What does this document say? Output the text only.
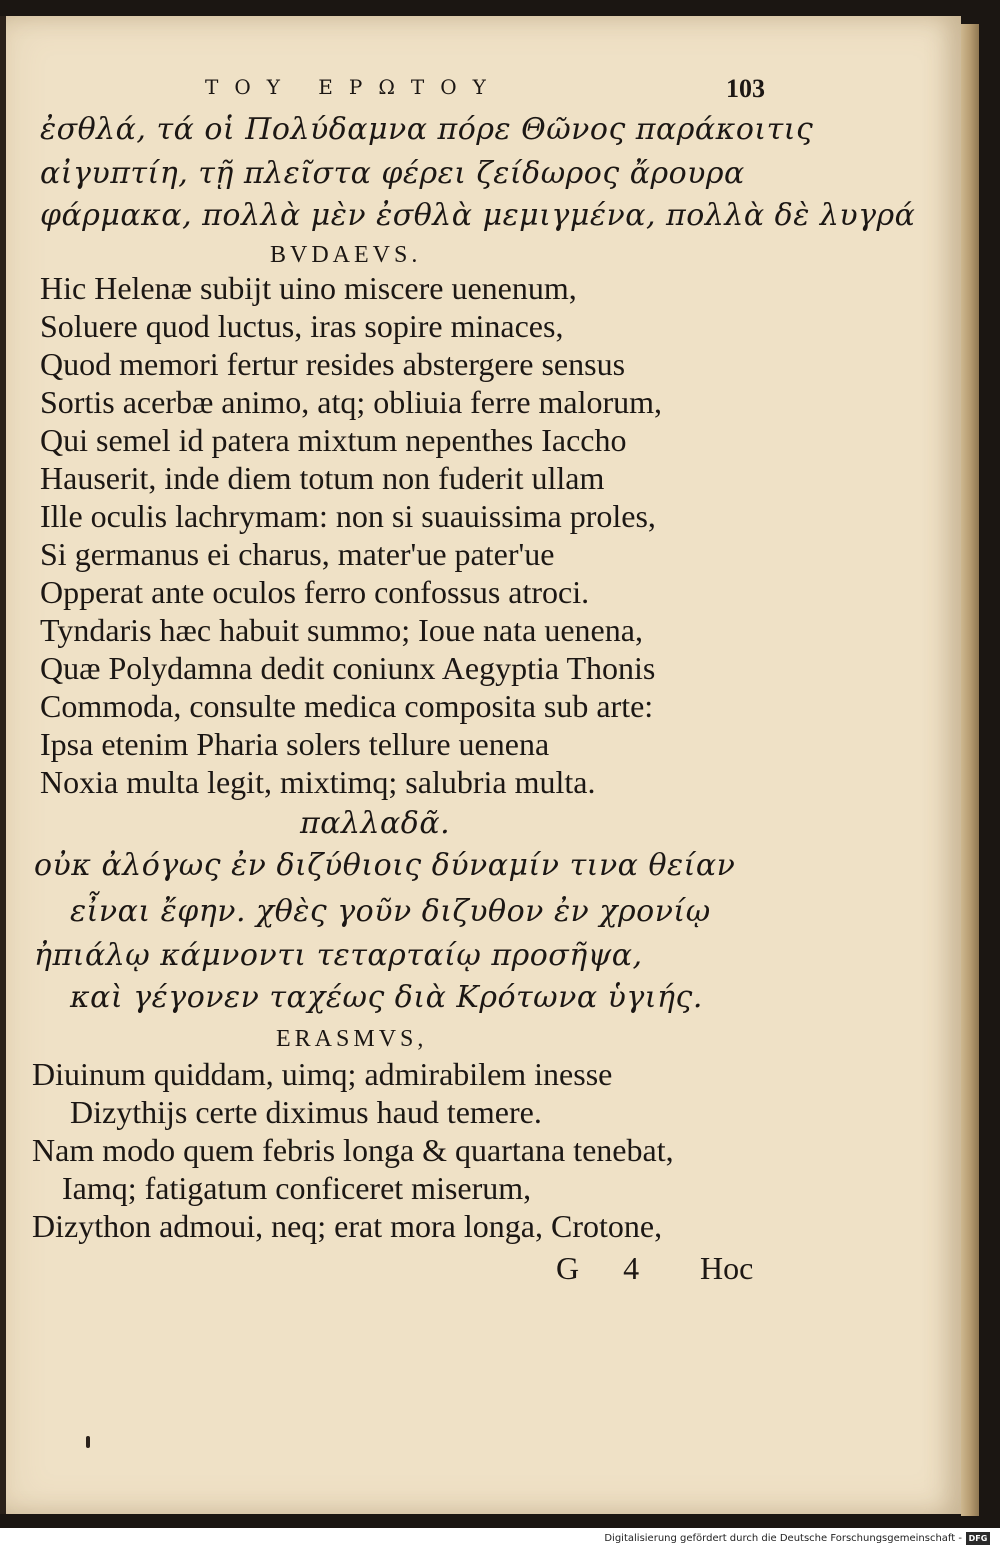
ΤΟΥ ΕΡΩΤΟΥ	103
ἐσθλά, τά οἱ Πολύδαμνα πόρε Θῶνος παράκοιτις
αἰγυπτίη, τῇ πλεῖστα φέρει ζείδωρος ἄρουρα
φάρμακα, πολλὰ μὲν ἐσθλὰ μεμιγμένα, πολλὰ δὲ λυγρά
BVDAEVS.
Hic Helenæ subijt uino miscere uenenum,
Soluere quod luctus, iras sopire minaces,
Quod memori fertur resides abstergere sensus
Sortis acerbæ animo, atq; obliuia ferre malorum,
Qui semel id patera mixtum nepenthes Iaccho
Hauserit, inde diem totum non fuderit ullam
Ille oculis lachrymam: non si suauissima proles,
Si germanus ei charus, mater'ue pater'ue
Opperat ante oculos ferro confossus atroci.
Tyndaris hæc habuit summo; Ioue nata uenena,
Quæ Polydamna dedit coniunx Aegyptia Thonis
Commoda, consulte medica composita sub arte:
Ipsa etenim Pharia solers tellure uenena
Noxia multa legit, mixtimq; salubria multa.
παλλαδᾶ.
οὐκ ἀλόγως ἐν διζύθιοις δύναμίν τινα θείαν
εἶναι ἔφην. χθὲς γοῦν διζυθον ἐν χρονίῳ
ἠπιάλῳ κάμνοντι τεταρταίῳ προσῆψα,
καὶ γέγονεν ταχέως διὰ Κρότωνα ὑγιής.
ERASMVS,
Diuinum quiddam, uimq; admirabilem inesse
Dizythijs certe diximus haud temere.
Nam modo quem febris longa & quartana tenebat,
Iamq; fatigatum conficeret miserum,
Dizython admoui, neq; erat mora longa, Crotone,
G 4 Hoc
Digitalisierung gefördert durch die Deutsche Forschungsgemeinschaft - DFG
